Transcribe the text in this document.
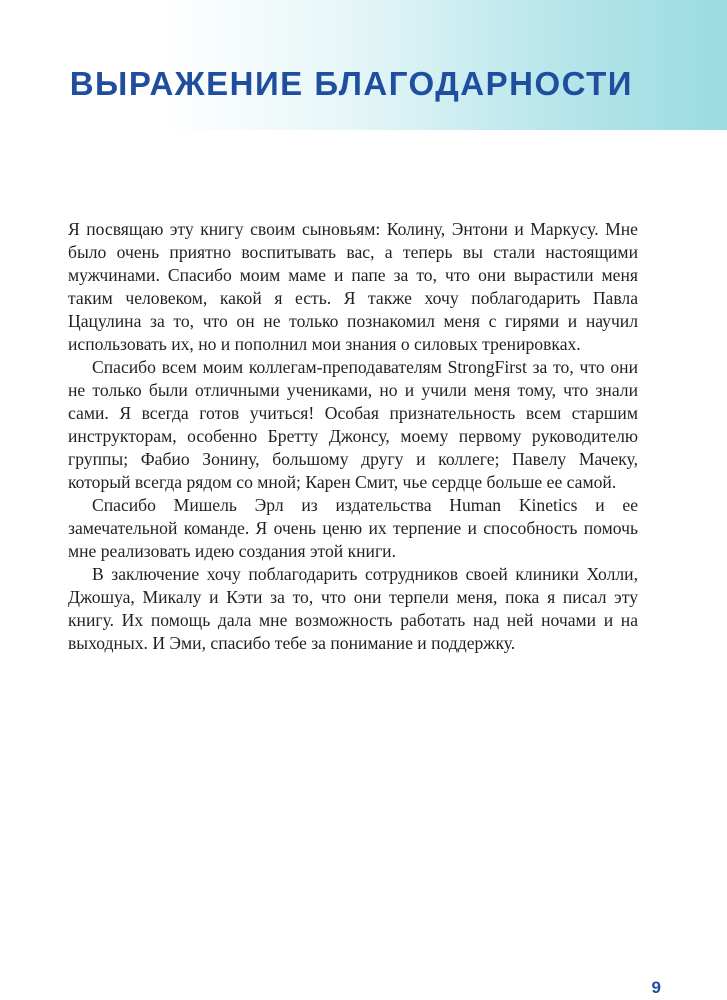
ВЫРАЖЕНИЕ БЛАГОДАРНОСТИ

Я посвящаю эту книгу своим сыновьям: Колину, Энтони и Маркусу. Мне было очень приятно воспитывать вас, а теперь вы стали настоящими мужчинами. Спасибо моим маме и папе за то, что они вырастили меня таким человеком, какой я есть. Я также хочу поблагодарить Павла Цацулина за то, что он не только познакомил меня с гирями и научил использовать их, но и пополнил мои знания о силовых тренировках.

Спасибо всем моим коллегам-преподавателям StrongFirst за то, что они не только были отличными учениками, но и учили меня тому, что знали сами. Я всегда готов учиться! Особая признательность всем старшим инструкторам, особенно Бретту Джонсу, моему первому руководителю группы; Фабио Зонину, большому другу и коллеге; Павелу Мачеку, который всегда рядом со мной; Карен Смит, чье сердце больше ее самой.

Спасибо Мишель Эрл из издательства Human Kinetics и ее замечательной команде. Я очень ценю их терпение и способность помочь мне реализовать идею создания этой книги.

В заключение хочу поблагодарить сотрудников своей клиники Холли, Джошуа, Микалу и Кэти за то, что они терпели меня, пока я писал эту книгу. Их помощь дала мне возможность работать над ней ночами и на выходных. И Эми, спасибо тебе за понимание и поддержку.

9
